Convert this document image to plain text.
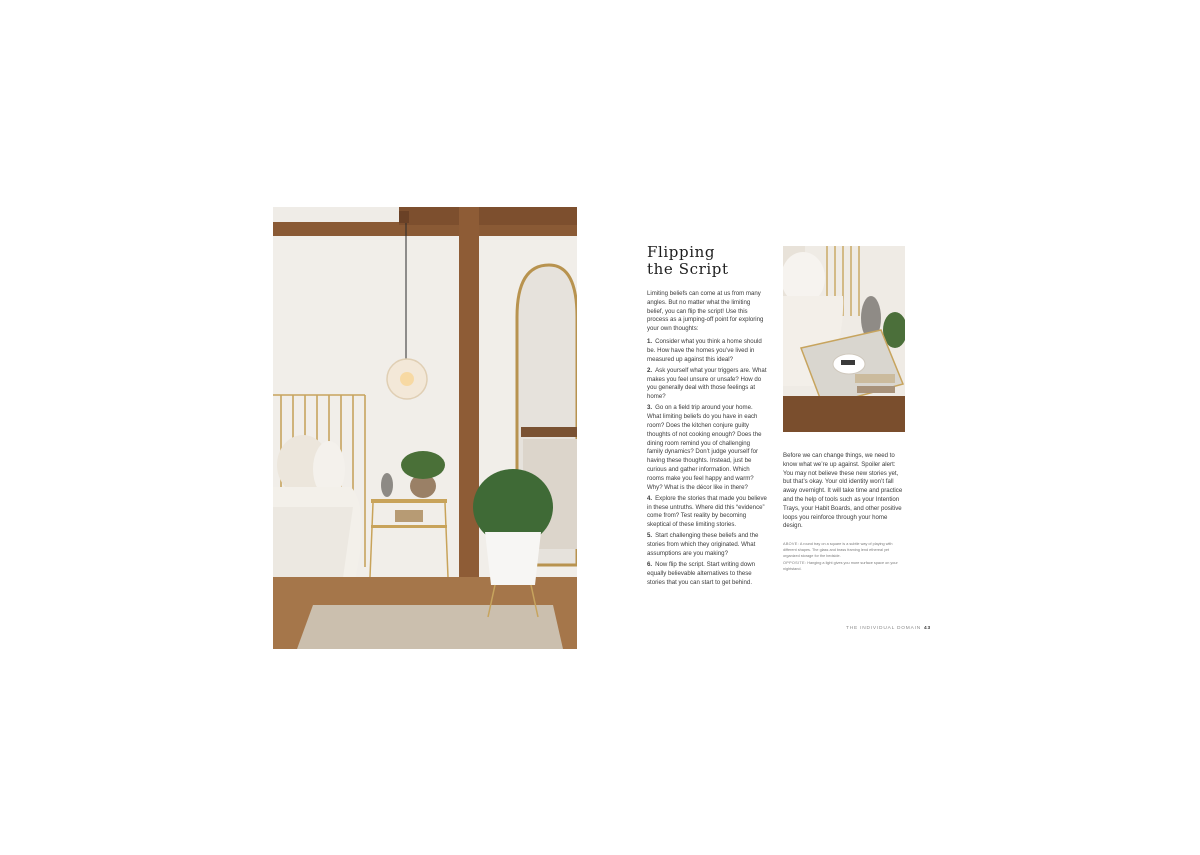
Flipping
the Script

Limiting beliefs can come at us from many angles. But no matter what the limiting belief, you can flip the script! Use this process as a jumping-off point for exploring your own thoughts:

1. Consider what you think a home should be. How have the homes you’ve lived in measured up against this ideal?
2. Ask yourself what your triggers are. What makes you feel unsure or unsafe? How do you generally deal with those feelings at home?
3. Go on a field trip around your home. What limiting beliefs do you have in each room? Does the kitchen conjure guilty thoughts of not cooking enough? Does the dining room remind you of challenging family dynamics? Don’t judge yourself for having these thoughts. Instead, just be curious and gather information. Which rooms make you feel happy and warm? Why? What is the décor like in there?
4. Explore the stories that made you believe in these untruths. Where did this “evidence” come from? Test reality by becoming skeptical of these limiting stories.
5. Start challenging these beliefs and the stories from which they originated. What assumptions are you making?
6. Now flip the script. Start writing down equally believable alternatives to these stories that you can start to get behind.

Before we can change things, we need to know what we’re up against. Spoiler alert: You may not believe these new stories yet, but that’s okay. Your old identity won’t fall away overnight. It will take time and practice and the help of tools such as your Intention Trays, your Habit Boards, and other positive loops you reinforce through your home design.

ABOVE: A round tray on a square is a subtle way of playing with different shapes. The glass and brass framing lend ethereal yet organized storage for the bedside.

OPPOSITE: Hanging a light gives you more surface space on your nightstand.

THE INDIVIDUAL DOMAIN 43
